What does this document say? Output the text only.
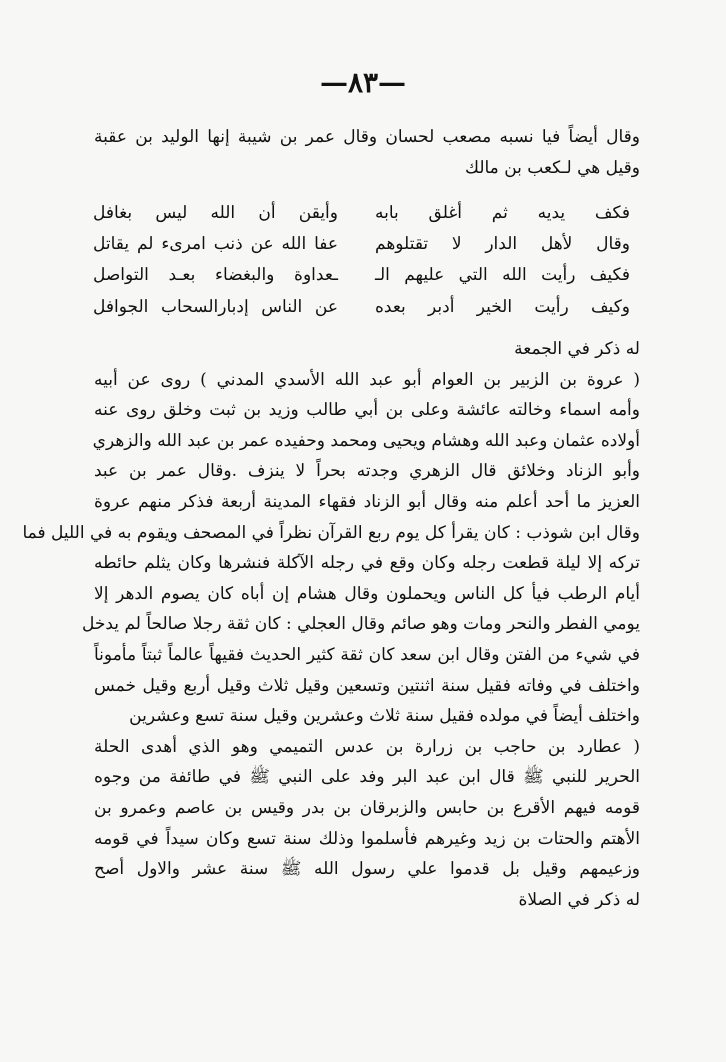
—٨٣—
وقال أيضاً فيا نسبه مصعب لحسان وقال عمر بن شيبة إنها الوليد بن عقبة
وقيل هي لـكعب بن مالك
فكف يديه ثم أغلق بابه
وأيقن أن الله ليس بغافل
وقال لأهل الدار لا تقتلوهم
عفا الله عن ذنب امرىء لم يقاتل
فكيف رأيت الله التي عليهم الـ
ـعداوة والبغضاء بعـد التواصل
وكيف رأيت الخير أدبر بعده
عن الناس إدبارالسحاب الجوافل
له ذكر في الجمعة
( عروة بن الزبير بن العوام أبو عبد الله الأسدي المدني ) روى عن أبيه
وأمه اسماء وخالته عائشة وعلى بن أبي طالب وزيد بن ثبت وخلق روى عنه
أولاده عثمان وعبد الله وهشام ويحيى ومحمد وحفيده عمر بن عبد الله والزهري
وأبو الزناد وخلائق قال الزهري وجدته بحراً لا ينزف .وقال عمر بن عبد
العزيز ما أحد أعلم منه وقال أبو الزناد فقهاء المدينة أربعة فذكر منهم عروة
وقال ابن شوذب : كان يقرأ كل يوم ربع القرآن نظراً في المصحف ويقوم به في الليل فما
تركه إلا ليلة قطعت رجله وكان وقع في رجله الآكلة فنشرها وكان يثلم حائطه
أيام الرطب فيأ كل الناس ويحملون وقال هشام إن أباه كان يصوم الدهر إلا
يومي الفطر والنحر ومات وهو صائم وقال العجلي : كان ثقة رجلا صالحاً لم يدخل
في شيء من الفتن وقال ابن سعد كان ثقة كثير الحديث فقيهاً عالماً ثبتاً مأموناً
واختلف في وفاته فقيل سنة اثنتين وتسعين وقيل ثلاث وقيل أربع وقيل خمس
واختلف أيضاً في مولده فقيل سنة ثلاث وعشرين وقيل سنة تسع وعشرين
( عطارد بن حاجب بن زرارة بن عدس التميمي وهو الذي أهدى الحلة
الحرير للنبي ﷺ قال ابن عبد البر وفد على النبي ﷺ في طائفة من وجوه
قومه فيهم الأقرع بن حابس والزبرقان بن بدر وقيس بن عاصم وعمرو بن
الأهتم والحتات بن زيد وغيرهم فأسلموا وذلك سنة تسع وكان سيداً في قومه
وزعيمهم وقيل بل قدموا علي رسول الله ﷺ سنة عشر والاول أصح
له ذكر في الصلاة
